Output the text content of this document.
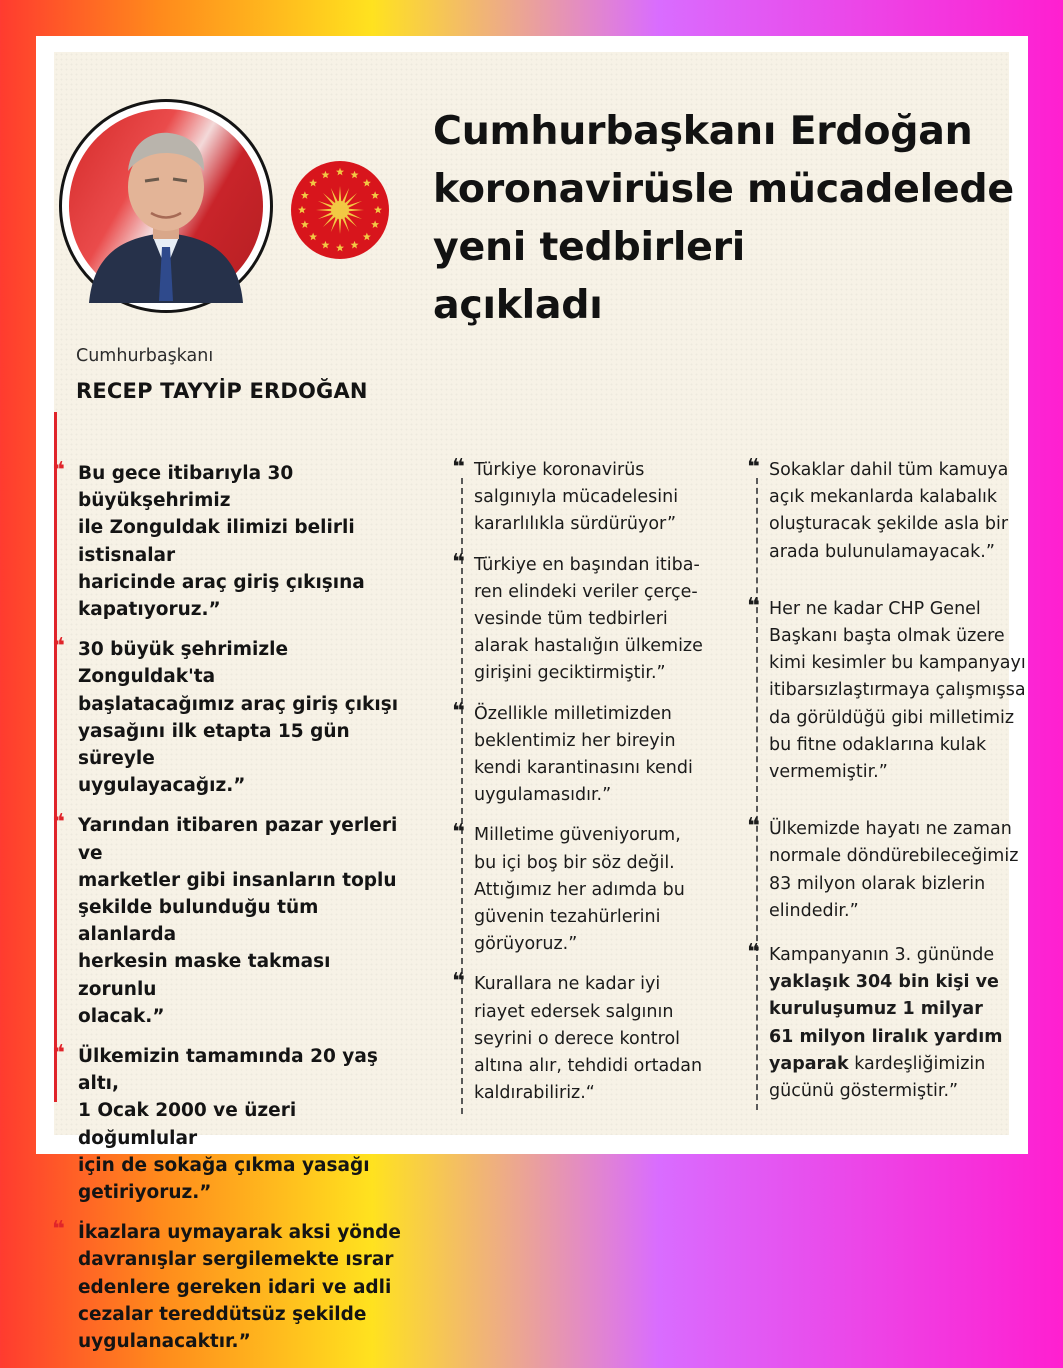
Cumhurbaşkanı Erdoğan
koronavirüsle mücadelede
yeni tedbirleri
açıkladı
Cumhurbaşkanı
RECEP TAYYİP ERDOĞAN
❝ Bu gece itibarıyla 30 büyükşehrimiz
ile Zonguldak ilimizi belirli istisnalar
haricinde araç giriş çıkışına
kapatıyoruz.”
❝ 30 büyük şehrimizle Zonguldak'ta
başlatacağımız araç giriş çıkışı
yasağını ilk etapta 15 gün süreyle
uygulayacağız.”
❝ Yarından itibaren pazar yerleri ve
marketler gibi insanların toplu
şekilde bulunduğu tüm alanlarda
herkesin maske takması zorunlu
olacak.”
❝ Ülkemizin tamamında 20 yaş altı,
1 Ocak 2000 ve üzeri doğumlular
için de sokağa çıkma yasağı
getiriyoruz.”
❝ İkazlara uymayarak aksi yönde
davranışlar sergilemekte ısrar
edenlere gereken idari ve adli
cezalar tereddütsüz şekilde
uygulanacaktır.”
❝ Türkiye koronavirüs
salgınıyla mücadelesini
kararlılıkla sürdürüyor”
❝ Türkiye en başından itiba-
ren elindeki veriler çerçe-
vesinde tüm tedbirleri
alarak hastalığın ülkemize
girişini geciktirmiştir.”
❝ Özellikle milletimizden
beklentimiz her bireyin
kendi karantinasını kendi
uygulamasıdır.”
❝ Milletime güveniyorum,
bu içi boş bir söz değil.
Attığımız her adımda bu
güvenin tezahürlerini
görüyoruz.”
❝ Kurallara ne kadar iyi
riayet edersek salgının
seyrini o derece kontrol
altına alır, tehdidi ortadan
kaldırabiliriz.“
❝ Sokaklar dahil tüm kamuya
açık mekanlarda kalabalık
oluşturacak şekilde asla bir
arada bulunulamayacak.”
❝ Her ne kadar CHP Genel
Başkanı başta olmak üzere
kimi kesimler bu kampanyayı
itibarsızlaştırmaya çalışmışsa
da görüldüğü gibi milletimiz
bu fitne odaklarına kulak
vermemiştir.”
❝ Ülkemizde hayatı ne zaman
normale döndürebileceğimiz
83 milyon olarak bizlerin
elindedir.”
❝ Kampanyanın 3. gününde
yaklaşık 304 bin kişi ve
kuruluşumuz 1 milyar
61 milyon liralık yardım
yaparak kardeşliğimizin
gücünü göstermiştir.”
